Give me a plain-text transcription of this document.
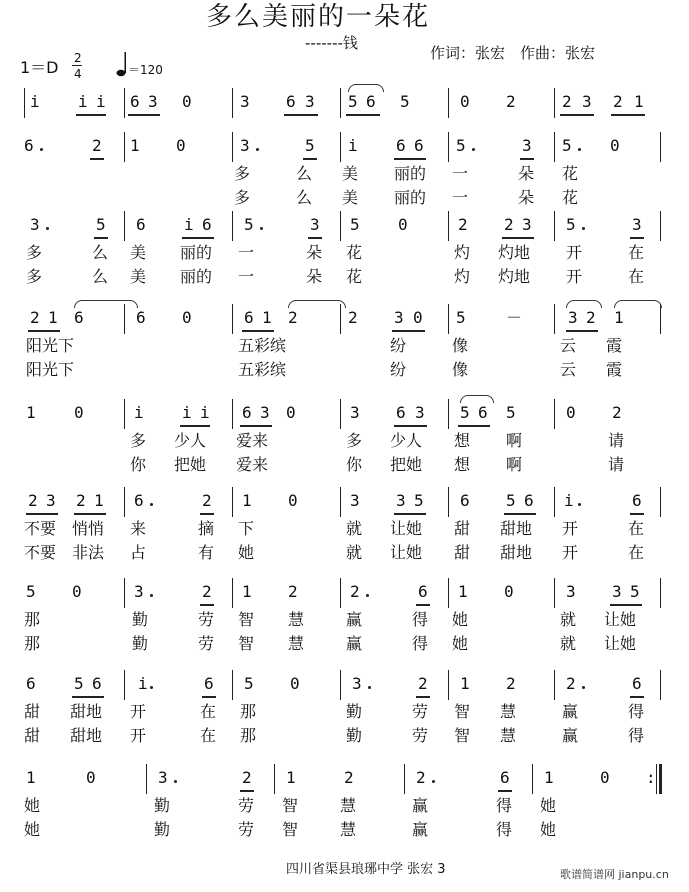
多么美丽的一朵花
-------钱
1＝D 2
4	＝120
作词：张宏　作曲：张宏
i i i 6 3 0	3 6 3 5 6 5	0 2	2 3 2 1
6	2 1 0	3	5 i 6 6 5	3 5 0
多	么 美 丽的 一	朵 花
多	么 美 丽的 一	朵 花
3	5 6 i 6 5	3 5 0	2 2 3 5	3
多	么 美 丽的 一	朵 花	灼 灼地 开	在
多	么 美 丽的 一	朵 花	灼 灼地 开	在
2 1 6	6 0	6 1 2	2 3 0 5	－	3 2 1
阳光下	五彩缤	纷	像	云 霞
阳光下	五彩缤	纷	像	云 霞
1 0	i i i 6 3 0	3 6 3 5 6 5	0 2
多 少人 爱来	多 少人 想 啊	请
你 把她 爱来	你 把她 想 啊	请
2 3 2 1 6	2 1 0	3 3 5 6 5 6 i	6
不要 悄悄 来	摘 下	就 让她 甜 甜地 开	在
不要 非法 占	有 她	就 让她 甜 甜地 开	在
5 0	3	2 1 2	2	6 1 0	3 3 5
那	勤	劳 智 慧	赢	得 她	就 让她
那	勤	劳 智 慧	赢	得 她	就 让她
6 5 6 i	6 5 0	3	2 1 2	2	6
甜 甜地 开	在 那	勤	劳 智 慧	赢	得
甜 甜地 开	在 那	勤	劳 智 慧	赢	得
1	0	3	2 1	2	2	6 1	0 :
她	勤	劳 智	慧	赢	得 她
她	勤	劳 智	慧	赢	得 她
四川省渠县琅琊中学 张宏 3	歌谱简谱网 jianpu.cn
